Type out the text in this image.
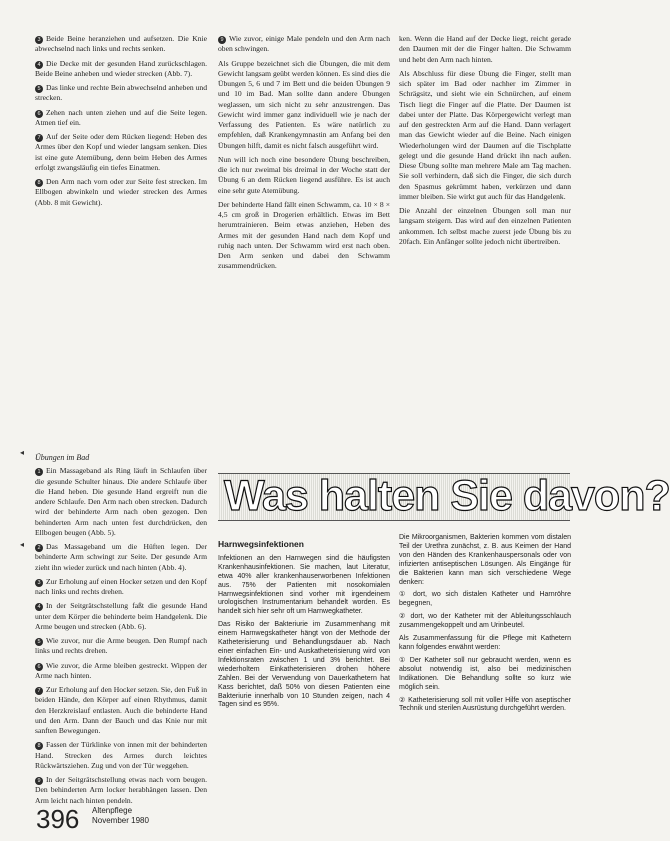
3 Beide Beine heranziehen und aufsetzen. Die Knie abwechselnd nach links und rechts senken.

4 Die Decke mit der gesunden Hand zurückschlagen. Beide Beine anheben und wieder strecken (Abb. 7).

5 Das linke und rechte Bein abwechselnd anheben und strecken.

6 Zehen nach unten ziehen und auf die Seite legen. Atmen tief ein.

7 Auf der Seite oder dem Rücken liegend: Heben des Armes über den Kopf und wieder langsam senken. Dies ist eine gute Atemübung, denn beim Heben des Armes erfolgt zwangsläufig ein tiefes Einatmen.

8 Den Arm nach vorn oder zur Seite fest strecken. Im Ellbogen abwinkeln und wieder strecken des Armes (Abb. 8 mit Gewicht).

Übungen im Bad

1 Ein Massageband als Ring läuft in Schlaufen über die gesunde Schulter hinaus. Die andere Schlaufe über die Hand heben. Die gesunde Hand ergreift nun die andere Schlaufe. Den Arm nach oben strecken. Dadurch wird der behinderte Arm nach oben gezogen. Den behinderten Arm nach unten fest durchdrücken, den Ellbogen beugen (Abb. 5).

2 Das Massageband um die Hüften legen. Der behinderte Arm schwingt zur Seite. Der gesunde Arm zieht ihn wieder zurück und nach hinten (Abb. 4).

3 Zur Erholung auf einen Hocker setzen und den Kopf nach links und rechts drehen.

4 In der Seitgrätschstellung faßt die gesunde Hand unter dem Körper die behinderte beim Handgelenk. Die Arme beugen und strecken (Abb. 6).

5 Wie zuvor, nur die Arme beugen. Den Rumpf nach links und rechts drehen.

6 Wie zuvor, die Arme bleiben gestreckt. Wippen der Arme nach hinten.

7 Zur Erholung auf den Hocker setzen. Sie, den Fuß in beiden Hände, den Körper auf einen Rhythmus, damit den Herzkreislauf entlasten. Auch die behinderte Hand und den Arm. Dann der Bauch und das Knie nur mit sanften Bewegungen.

8 Fassen der Türklinke von innen mit der behinderten Hand. Strecken des Armes durch leichtes Rückwärtsziehen. Zug und von der Tür weggehen.

9 In der Seitgrätschstellung etwas nach vorn beugen. Den behinderten Arm locker herabhängen lassen. Den Arm leicht nach hinten pendeln.

9 Wie zuvor, einige Male pendeln und den Arm nach oben schwingen.

Als Gruppe bezeichnet sich die Übungen, die mit dem Gewicht langsam geübt werden können. Es sind dies die Übungen 5, 6 und 7 im Bett und die beiden Übungen 9 und 10 im Bad. Man sollte dann andere Übungen weglassen, um sich nicht zu sehr anzustrengen. Das Gewicht wird immer ganz individuell wie je nach der Verfassung des Patienten. Es wäre natürlich zu empfehlen, daß Krankengymnastin am Anfang bei den Übungen hilft, damit es nicht falsch ausgeführt wird.

Nun will ich noch eine besondere Übung beschreiben, die ich nur zweimal bis dreimal in der Woche statt der Übung 6 an dem Rücken liegend ausführe. Es ist auch eine sehr gute Atemübung.

Der behinderte Hand fällt einen Schwamm, ca. 10 × 8 × 4,5 cm groß in Drogerien erhältlich. Etwas im Bett herumtrainieren. Beim etwas anziehen, Heben des Armes mit der gesunden Hand nach dem Kopf und ruhig nach unten. Der Schwamm wird erst nach oben. Den Arm senken und dabei den Schwamm zusammendrücken.

ken. Wenn die Hand auf der Decke liegt, reicht gerade den Daumen mit der die Finger halten. Die Schwamm und hebt den Arm nach hinten.

Als Abschluss für diese Übung die Finger, stellt man sich später im Bad oder nachher im Zimmer in Schrägsitz, und sieht wie ein Schnürchen, auf einem Tisch liegt die Finger auf die Platte. Der Daumen ist dabei unter der Platte. Das Körpergewicht verlegt man auf den gestreckten Arm auf die Hand. Dann verlagert man das Gewicht wieder auf die Beine. Nach einigen Wiederholungen wird der Daumen auf die Tischplatte gelegt und die gesunde Hand drückt ihn nach außen. Diese Übung sollte man mehrere Male am Tag machen. Sie soll verhindern, daß sich die Finger, die sich durch den Spasmus gekrümmt haben, verkürzen und dann immer bleiben. Sie wirkt gut auch für das Handgelenk.

Die Anzahl der einzelnen Übungen soll man nur langsam steigern. Das wird auf den einzelnen Patienten ankommen. Ich selbst mache zuerst jede Übung bis zu 20fach. Ein Anfänger sollte jedoch nicht übertreiben.

Was halten Sie davon?
Harnwegsinfektionen

Infektionen an den Harnwegen sind die häufigsten Krankenhausinfektionen. Sie machen, laut Literatur, etwa 40% aller krankenhauserworbenen Infektionen aus. 75% der Patienten mit nosokomialen Harnwegsinfektionen sind vorher mit irgendeinem urologischen Instrumentarium behandelt worden. Es handelt sich hier sehr oft um Harnwegkatheter.

Das Risiko der Bakteriurie im Zusammenhang mit einem Harnwegskatheter hängt von der Methode der Katheterisierung und Behandlungsdauer ab. Nach einer einfachen Ein- und Auskatheterisierung wird von Infektionsraten zwischen 1 und 3% berichtet. Bei wiederholtem Einkatheterisieren drohen höhere Zahlen. Bei der Verwendung von Dauerkathetern hat Kass berichtet, daß 50% von diesen Patienten eine Bakteriurie innerhalb von 10 Stunden zeigen, nach 4 Tagen sind es 95%.

Die Mikroorganismen, Bakterien kommen vom distalen Teil der Urethra zunächst, z. B. aus Keimen der Hand von den Händen des Krankenhauspersonals oder von infizierten antiseptischen Lösungen. Als Eingänge für die Bakterien kann man sich verschiedene Wege denken:

① dort, wo sich distalen Katheter und Harnröhre begegnen,

② dort, wo der Katheter mit der Ableitungsschlauch zusammengekoppelt und am Urinbeutel.

Als Zusammenfassung für die Pflege mit Kathetern kann folgendes erwähnt werden:

① Der Katheter soll nur gebraucht werden, wenn es absolut notwendig ist, also bei medizinischen Indikationen. Die Behandlung sollte so kurz wie möglich sein.

② Katheterisierung soll mit voller Hilfe von aseptischer Technik und sterilen Ausrüstung durchgeführt werden.

◂
◂
396 Altenpflege
November 1980
